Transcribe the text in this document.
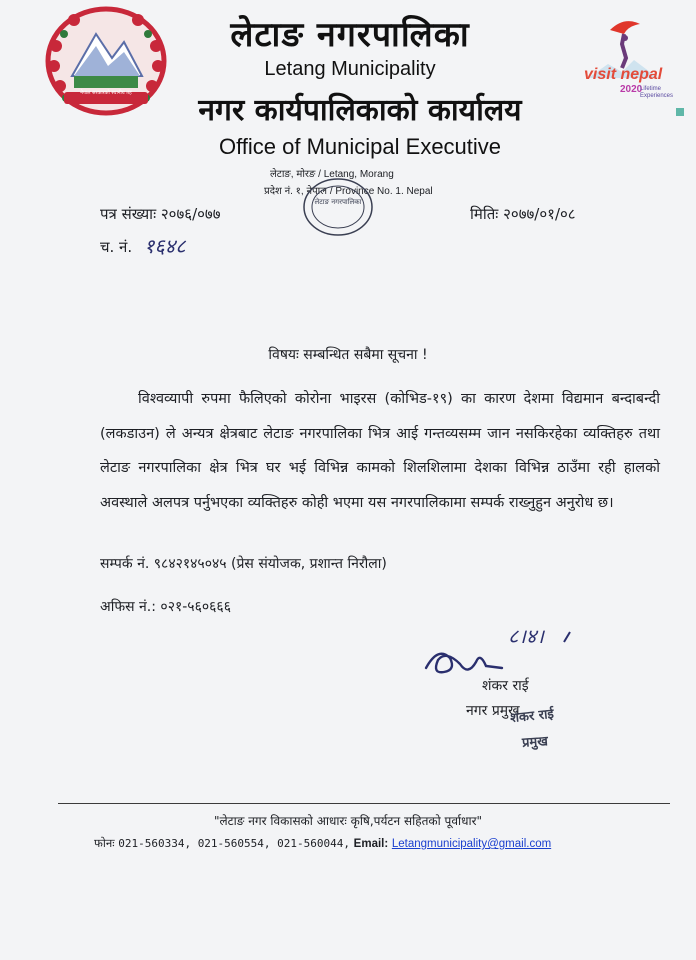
नेपाल सरकारको स्थानीय तह
visit nepal
2020
Lifetime Experiences
लेटाङ नगरपालिका
Letang Municipality
नगर कार्यपालिकाको कार्यालय
Office of Municipal Executive
लेटाङ, मोरङ / Letang, Morang
प्रदेश नं. १, नेपाल / Province No. 1. Nepal
लेटाङ नगरपालिका
पत्र संख्याः २०७६/०७७	मितिः २०७७/०१/०८
च. नं. १६४८
विषयः सम्बन्धित सबैमा सूचना !
विश्वव्यापी रुपमा फैलिएको कोरोना भाइरस (कोभिड-१९) का कारण देशमा विद्यमान बन्दाबन्दी (लकडाउन) ले अन्यत्र क्षेत्रबाट लेटाङ नगरपालिका भित्र आई गन्तव्यसम्म जान नसकिरहेका व्यक्तिहरु तथा लेटाङ नगरपालिका क्षेत्र भित्र घर भई विभिन्न कामको शिलशिलामा देशका विभिन्न ठाउँमा रही हालको अवस्थाले अलपत्र पर्नुभएका व्यक्तिहरु कोही भएमा यस नगरपालिकामा सम्पर्क राख्नुहुन अनुरोध छ।
सम्पर्क नं. ९८४२१४५०४५ (प्रेस संयोजक, प्रशान्त निरौला)
अफिस नं.: ०२१-५६०६६६
८।४।
शंकर राई
नगर प्रमुख
शंकर राई
प्रमुख
"लेटाङ नगर विकासको आधारः कृषि,पर्यटन सहितको पूर्वाधार"
फोनः 021-560334, 021-560554, 021-560044, Email: Letangmunicipality@gmail.com
